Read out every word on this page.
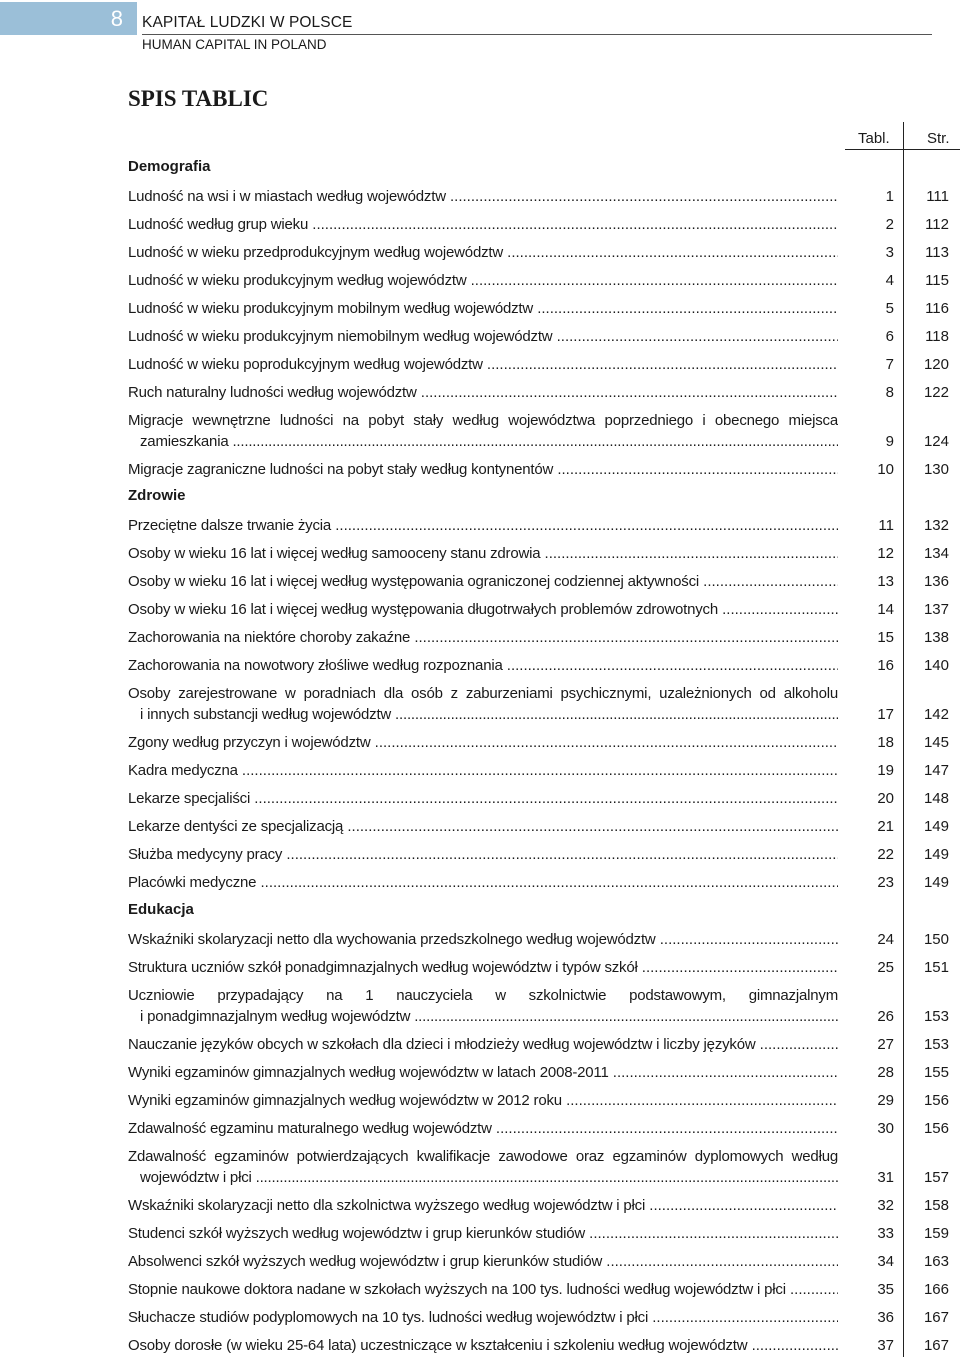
8 KAPITAŁ LUDZKI W POLSCE
HUMAN CAPITAL IN POLAND
SPIS TABLIC
Tabl. Str.
Demografia
Ludność na wsi i w miastach według województw .....	1	111
Ludność według grup wieku .....	2	112
Ludność w wieku przedprodukcyjnym według województw .....	3	113
Ludność w wieku produkcyjnym według województw .....	4	115
Ludność w wieku produkcyjnym mobilnym według województw .....	5	116
Ludność w wieku produkcyjnym niemobilnym według województw .....	6	118
Ludność w wieku poprodukcyjnym według województw .....	7	120
Ruch naturalny ludności według województw .....	8	122
Migracje wewnętrzne ludności na pobyt stały według województwa poprzedniego i obecnego miejsca
zamieszkania .....	9	124
Migracje zagraniczne ludności na pobyt stały według kontynentów .....	10	130
Zdrowie
Przeciętne dalsze trwanie życia .....	11	132
Osoby w wieku 16 lat i więcej według samooceny stanu zdrowia .....	12	134
Osoby w wieku 16 lat i więcej według występowania ograniczonej codziennej aktywności .....	13	136
Osoby w wieku 16 lat i więcej według występowania długotrwałych problemów zdrowotnych .....	14	137
Zachorowania na niektóre choroby zakaźne .....	15	138
Zachorowania na nowotwory złośliwe według rozpoznania .....	16	140
Osoby zarejestrowane w poradniach dla osób z zaburzeniami psychicznymi, uzależnionych od alkoholu
i innych substancji według województw .....	17	142
Zgony według przyczyn i województw .....	18	145
Kadra medyczna .....	19	147
Lekarze specjaliści .....	20	148
Lekarze dentyści ze specjalizacją .....	21	149
Służba medycyny pracy .....	22	149
Placówki medyczne .....	23	149
Edukacja
Wskaźniki skolaryzacji netto dla wychowania przedszkolnego według województw .....	24	150
Struktura uczniów szkół ponadgimnazjalnych według województw i typów szkół .....	25	151
Uczniowie przypadający na 1 nauczyciela w szkolnictwie podstawowym, gimnazjalnym
i ponadgimnazjalnym według województw .....	26	153
Nauczanie języków obcych w szkołach dla dzieci i młodzieży według województw i liczby języków .....	27	153
Wyniki egzaminów gimnazjalnych według województw w latach 2008-2011 .....	28	155
Wyniki egzaminów gimnazjalnych według województw w 2012 roku .....	29	156
Zdawalność egzaminu maturalnego według województw .....	30	156
Zdawalność egzaminów potwierdzających kwalifikacje zawodowe oraz egzaminów dyplomowych według
województw i płci .....	31	157
Wskaźniki skolaryzacji netto dla szkolnictwa wyższego według województw i płci .....	32	158
Studenci szkół wyższych według województw i grup kierunków studiów .....	33	159
Absolwenci szkół wyższych według województw i grup kierunków studiów .....	34	163
Stopnie naukowe doktora nadane w szkołach wyższych na 100 tys. ludności według województw i płci .....	35	166
Słuchacze studiów podyplomowych na 10 tys. ludności według województw i płci .....	36	167
Osoby dorosłe (w wieku 25-64 lata) uczestniczące w kształceniu i szkoleniu według województw .....	37	167
